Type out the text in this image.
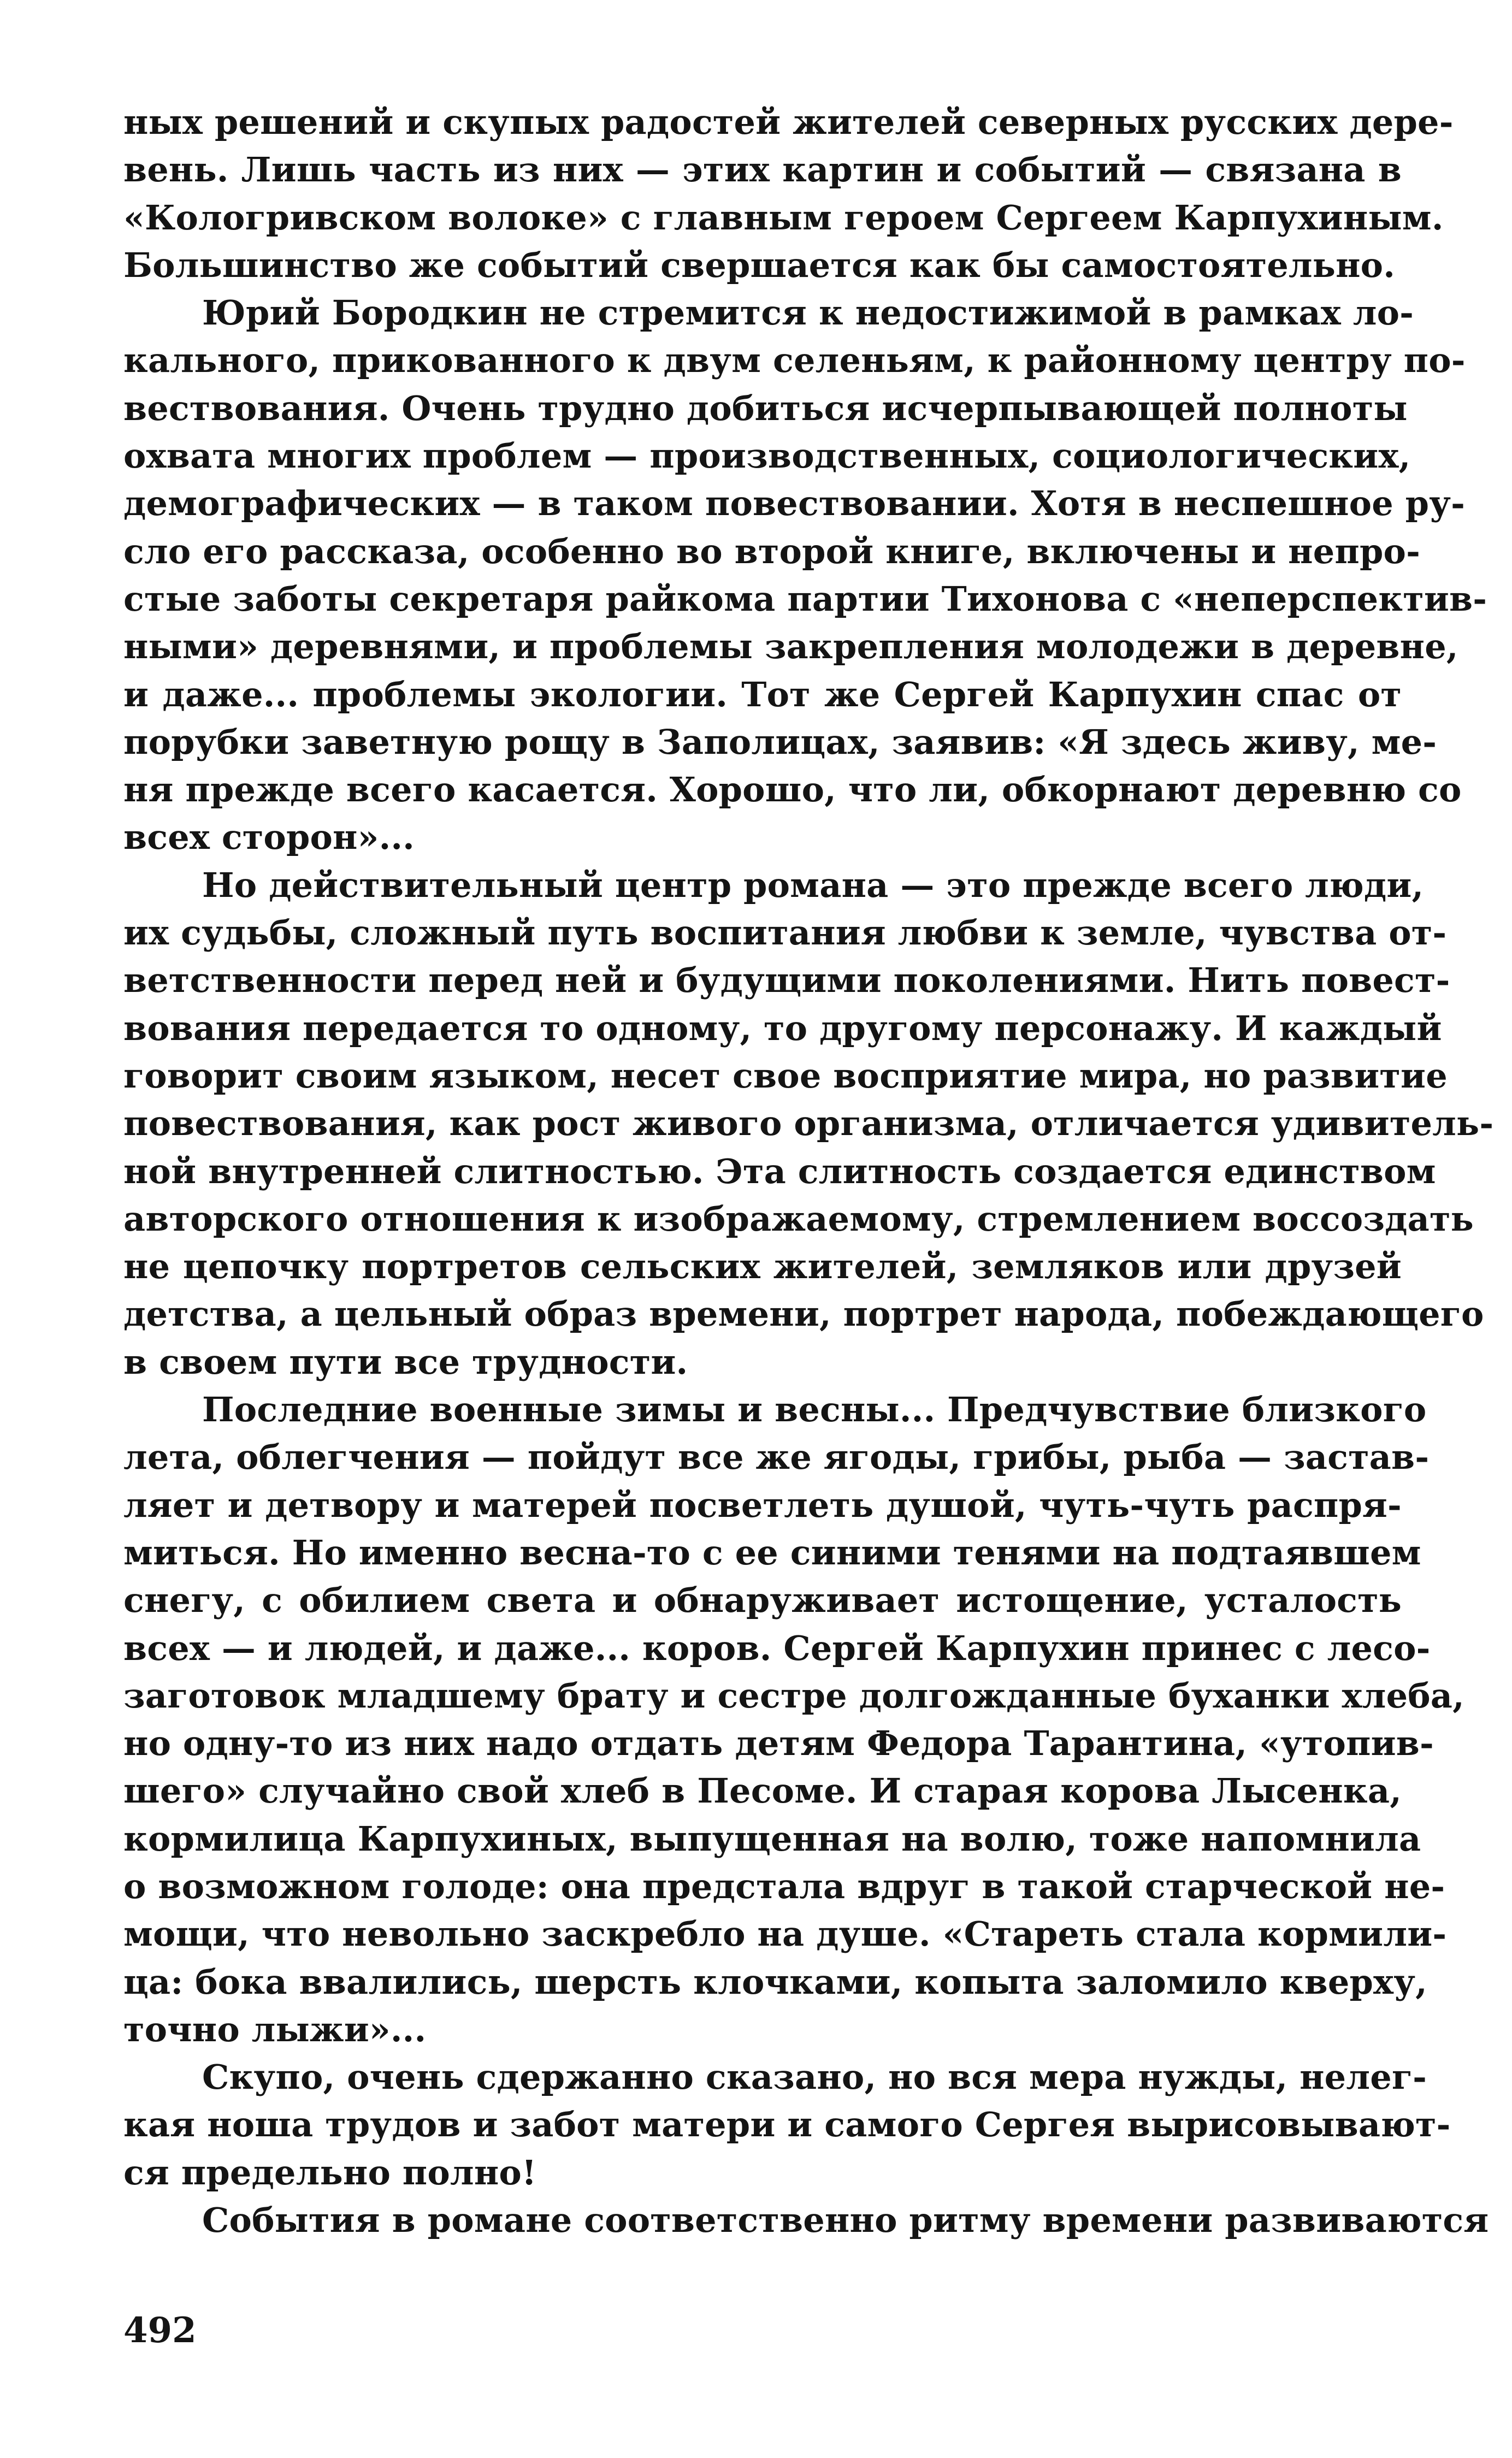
ных решений и скупых радостей жителей северных русских дере-
вень. Лишь часть из них — этих картин и событий — связана в
«Кологривском волоке» с главным героем Сергеем Карпухиным.
Большинство же событий свершается как бы самостоятельно.
Юрий Бородкин не стремится к недостижимой в рамках ло-
кального, прикованного к двум селеньям, к районному центру по-
вествования. Очень трудно добиться исчерпывающей полноты
охвата многих проблем — производственных, социологических,
демографических — в таком повествовании. Хотя в неспешное ру-
сло его рассказа, особенно во второй книге, включены и непро-
стые заботы секретаря райкома партии Тихонова с «неперспектив-
ными» деревнями, и проблемы закрепления молодежи в деревне,
и даже... проблемы экологии. Тот же Сергей Карпухин спас от
порубки заветную рощу в Заполицах, заявив: «Я здесь живу, ме-
ня прежде всего касается. Хорошо, что ли, обкорнают деревню со
всех сторон»...
Но действительный центр романа — это прежде всего люди,
их судьбы, сложный путь воспитания любви к земле, чувства от-
ветственности перед ней и будущими поколениями. Нить повест-
вования передается то одному, то другому персонажу. И каждый
говорит своим языком, несет свое восприятие мира, но развитие
повествования, как рост живого организма, отличается удивитель-
ной внутренней слитностью. Эта слитность создается единством
авторского отношения к изображаемому, стремлением воссоздать
не цепочку портретов сельских жителей, земляков или друзей
детства, а цельный образ времени, портрет народа, побеждающего
в своем пути все трудности.
Последние военные зимы и весны... Предчувствие близкого
лета, облегчения — пойдут все же ягоды, грибы, рыба — застав-
ляет и детвору и матерей посветлеть душой, чуть-чуть распря-
миться. Но именно весна-то с ее синими тенями на подтаявшем
снегу, с обилием света и обнаруживает истощение, усталость
всех — и людей, и даже... коров. Сергей Карпухин принес с лесо-
заготовок младшему брату и сестре долгожданные буханки хлеба,
но одну-то из них надо отдать детям Федора Тарантина, «утопив-
шего» случайно свой хлеб в Песоме. И старая корова Лысенка,
кормилица Карпухиных, выпущенная на волю, тоже напомнила
о возможном голоде: она предстала вдруг в такой старческой не-
мощи, что невольно заскребло на душе. «Стареть стала кормили-
ца: бока ввалились, шерсть клочками, копыта заломило кверху,
точно лыжи»...
Скупо, очень сдержанно сказано, но вся мера нужды, нелег-
кая ноша трудов и забот матери и самого Сергея вырисовывают-
ся предельно полно!
События в романе соответственно ритму времени развиваются
492
